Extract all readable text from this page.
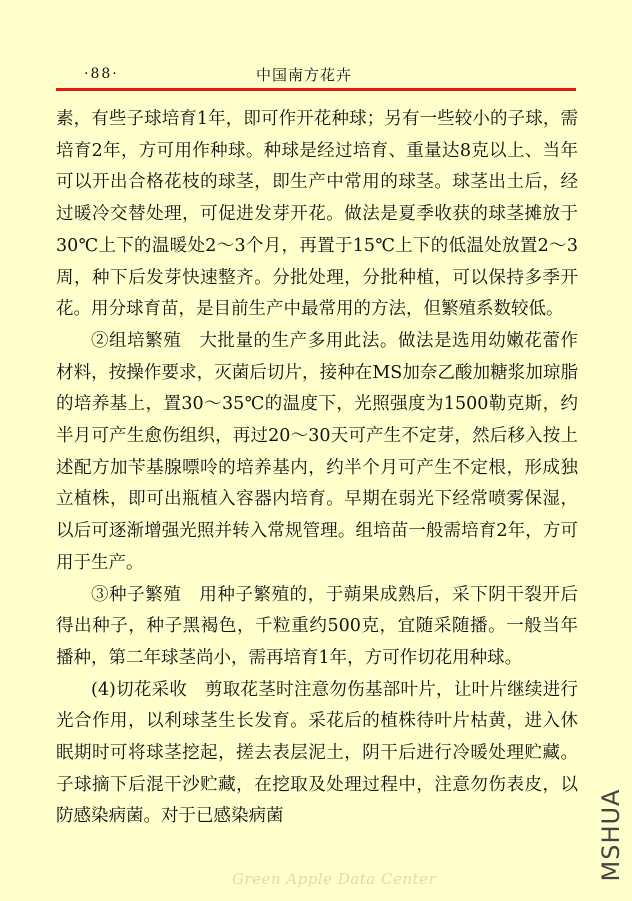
·88·	中国南方花卉

素，有些子球培育1年，即可作开花种球；另有一些较小的子球，需培育2年，方可用作种球。种球是经过培育、重量达8克以上、当年可以开出合格花枝的球茎，即生产中常用的球茎。球茎出土后，经过暖冷交替处理，可促进发芽开花。做法是夏季收获的球茎摊放于30℃上下的温暖处2～3个月，再置于15℃上下的低温处放置2～3周，种下后发芽快速整齐。分批处理，分批种植，可以保持多季开花。用分球育苗，是目前生产中最常用的方法，但繁殖系数较低。

②组培繁殖　大批量的生产多用此法。做法是选用幼嫩花蕾作材料，按操作要求，灭菌后切片，接种在MS加奈乙酸加糖浆加琼脂的培养基上，置30～35℃的温度下，光照强度为1500勒克斯，约半月可产生愈伤组织，再过20～30天可产生不定芽，然后移入按上述配方加苄基腺嘌呤的培养基内，约半个月可产生不定根，形成独立植株，即可出瓶植入容器内培育。早期在弱光下经常喷雾保湿，以后可逐渐增强光照并转入常规管理。组培苗一般需培育2年，方可用于生产。

③种子繁殖　用种子繁殖的，于蒴果成熟后，采下阴干裂开后得出种子，种子黑褐色，千粒重约500克，宜随采随播。一般当年播种，第二年球茎尚小，需再培育1年，方可作切花用种球。

(4)切花采收　剪取花茎时注意勿伤基部叶片，让叶片继续进行光合作用，以利球茎生长发育。采花后的植株待叶片枯黄，进入休眠期时可将球茎挖起，搓去表层泥土，阴干后进行冷暖处理贮藏。子球摘下后混干沙贮藏，在挖取及处理过程中，注意勿伤表皮，以防感染病菌。对于已感染病菌

Green Apple Data Center	MSHUA
